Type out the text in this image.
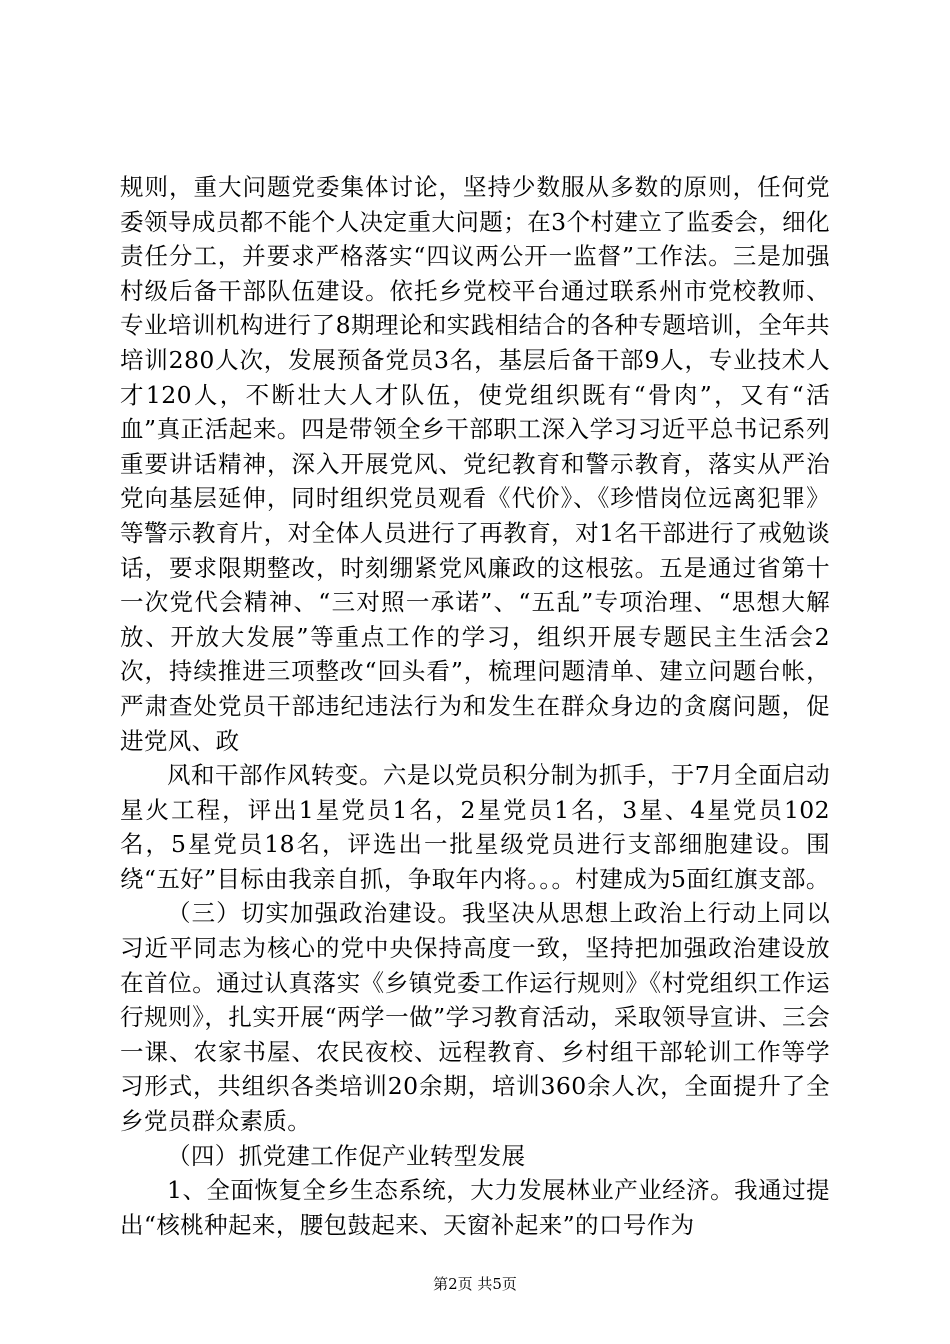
规则，重大问题党委集体讨论，坚持少数服从多数的原则，任何党委领导成员都不能个人决定重大问题；在3个村建立了监委会，细化责任分工，并要求严格落实“四议两公开一监督”工作法。三是加强村级后备干部队伍建设。依托乡党校平台通过联系州市党校教师、专业培训机构进行了8期理论和实践相结合的各种专题培训，全年共培训280人次，发展预备党员3名，基层后备干部9人，专业技术人才120人，不断壮大人才队伍，使党组织既有“骨肉”，又有“活血”真正活起来。四是带领全乡干部职工深入学习习近平总书记系列重要讲话精神，深入开展党风、党纪教育和警示教育，落实从严治党向基层延伸，同时组织党员观看《代价》、《珍惜岗位远离犯罪》等警示教育片，对全体人员进行了再教育，对1名干部进行了戒勉谈话，要求限期整改，时刻绷紧党风廉政的这根弦。五是通过省第十一次党代会精神、“三对照一承诺”、“五乱”专项治理、“思想大解放、开放大发展”等重点工作的学习，组织开展专题民主生活会2次，持续推进三项整改“回头看”，梳理问题清单、建立问题台帐，严肃查处党员干部违纪违法行为和发生在群众身边的贪腐问题，促进党风、政

风和干部作风转变。六是以党员积分制为抓手，于7月全面启动星火工程，评出1星党员1名，2星党员1名，3星、4星党员102名，5星党员18名，评选出一批星级党员进行支部细胞建设。围绕“五好”目标由我亲自抓，争取年内将。。。村建成为5面红旗支部。

（三）切实加强政治建设。我坚决从思想上政治上行动上同以习近平同志为核心的党中央保持高度一致，坚持把加强政治建设放在首位。通过认真落实《乡镇党委工作运行规则》《村党组织工作运行规则》，扎实开展“两学一做”学习教育活动，采取领导宣讲、三会一课、农家书屋、农民夜校、远程教育、乡村组干部轮训工作等学习形式，共组织各类培训20余期，培训360余人次，全面提升了全乡党员群众素质。

（四）抓党建工作促产业转型发展

1、全面恢复全乡生态系统，大力发展林业产业经济。我通过提出“核桃种起来，腰包鼓起来、天窗补起来”的口号作为

第2页 共5页
